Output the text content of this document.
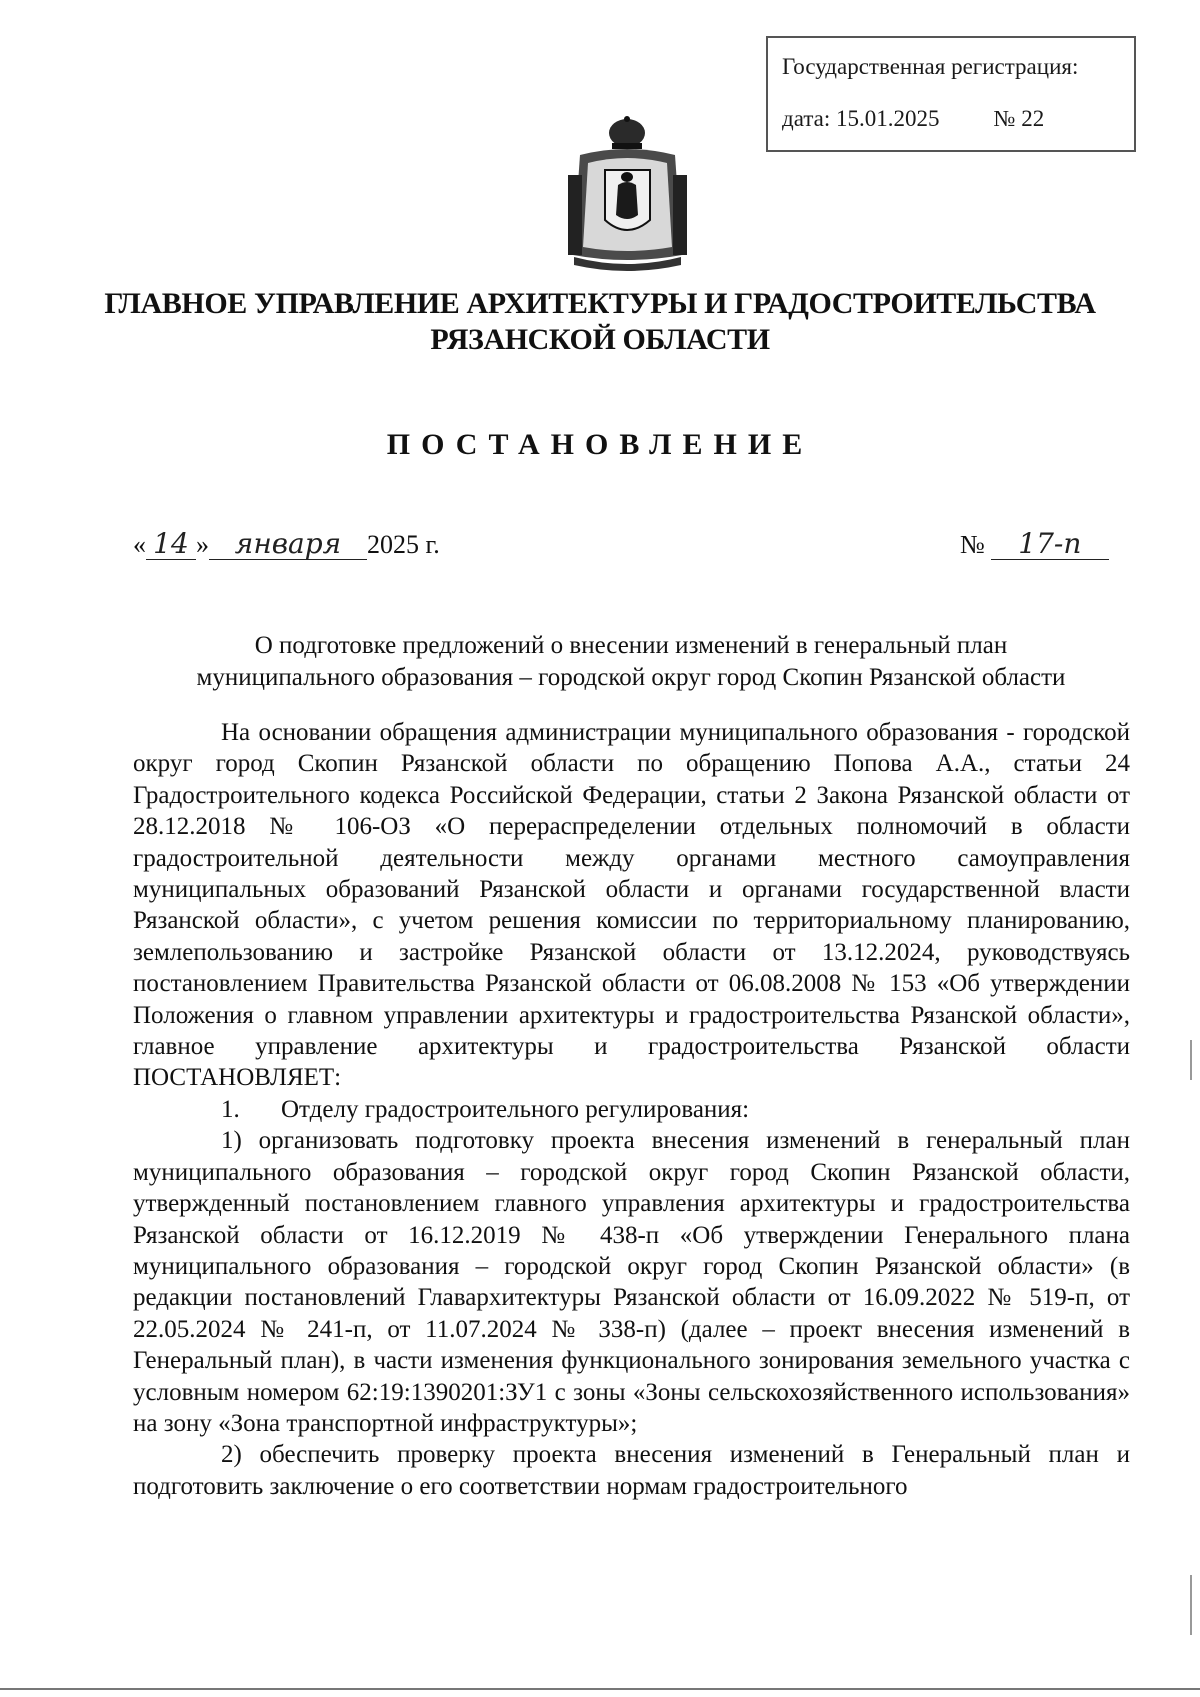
Государственная регистрация:
дата: 15.01.2025 № 22
ГЛАВНОЕ УПРАВЛЕНИЕ АРХИТЕКТУРЫ И ГРАДОСТРОИТЕЛЬСТВА
РЯЗАНСКОЙ ОБЛАСТИ
ПОСТАНОВЛЕНИЕ
« 14 » января 2025 г.	№ 17-п
О подготовке предложений о внесении изменений в генеральный план
муниципального образования – городской округ город Скопин Рязанской области

На основании обращения администрации муниципального образования - городской округ город Скопин Рязанской области по обращению Попова А.А., статьи 24 Градостроительного кодекса Российской Федерации, статьи 2 Закона Рязанской области от 28.12.2018 № 106-ОЗ «О перераспределении отдельных полномочий в области градостроительной деятельности между органами местного самоуправления муниципальных образований Рязанской области и органами государственной власти Рязанской области», с учетом решения комиссии по территориальному планированию, землепользованию и застройке Рязанской области от 13.12.2024, руководствуясь постановлением Правительства Рязанской области от 06.08.2008 № 153 «Об утверждении Положения о главном управлении архитектуры и градостроительства Рязанской области», главное управление архитектуры и градостроительства Рязанской области ПОСТАНОВЛЯЕТ:

1.	Отделу градостроительного регулирования:

1) организовать подготовку проекта внесения изменений в генеральный план муниципального образования – городской округ город Скопин Рязанской области, утвержденный постановлением главного управления архитектуры и градостроительства Рязанской области от 16.12.2019 № 438-п «Об утверждении Генерального плана муниципального образования – городской округ город Скопин Рязанской области» (в редакции постановлений Главархитектуры Рязанской области от 16.09.2022 № 519-п, от 22.05.2024 № 241-п, от 11.07.2024 № 338-п) (далее – проект внесения изменений в Генеральный план), в части изменения функционального зонирования земельного участка с условным номером 62:19:1390201:ЗУ1 с зоны «Зоны сельскохозяйственного использования» на зону «Зона транспортной инфраструктуры»;

2) обеспечить проверку проекта внесения изменений в Генеральный план и подготовить заключение о его соответствии нормам градостроительного
